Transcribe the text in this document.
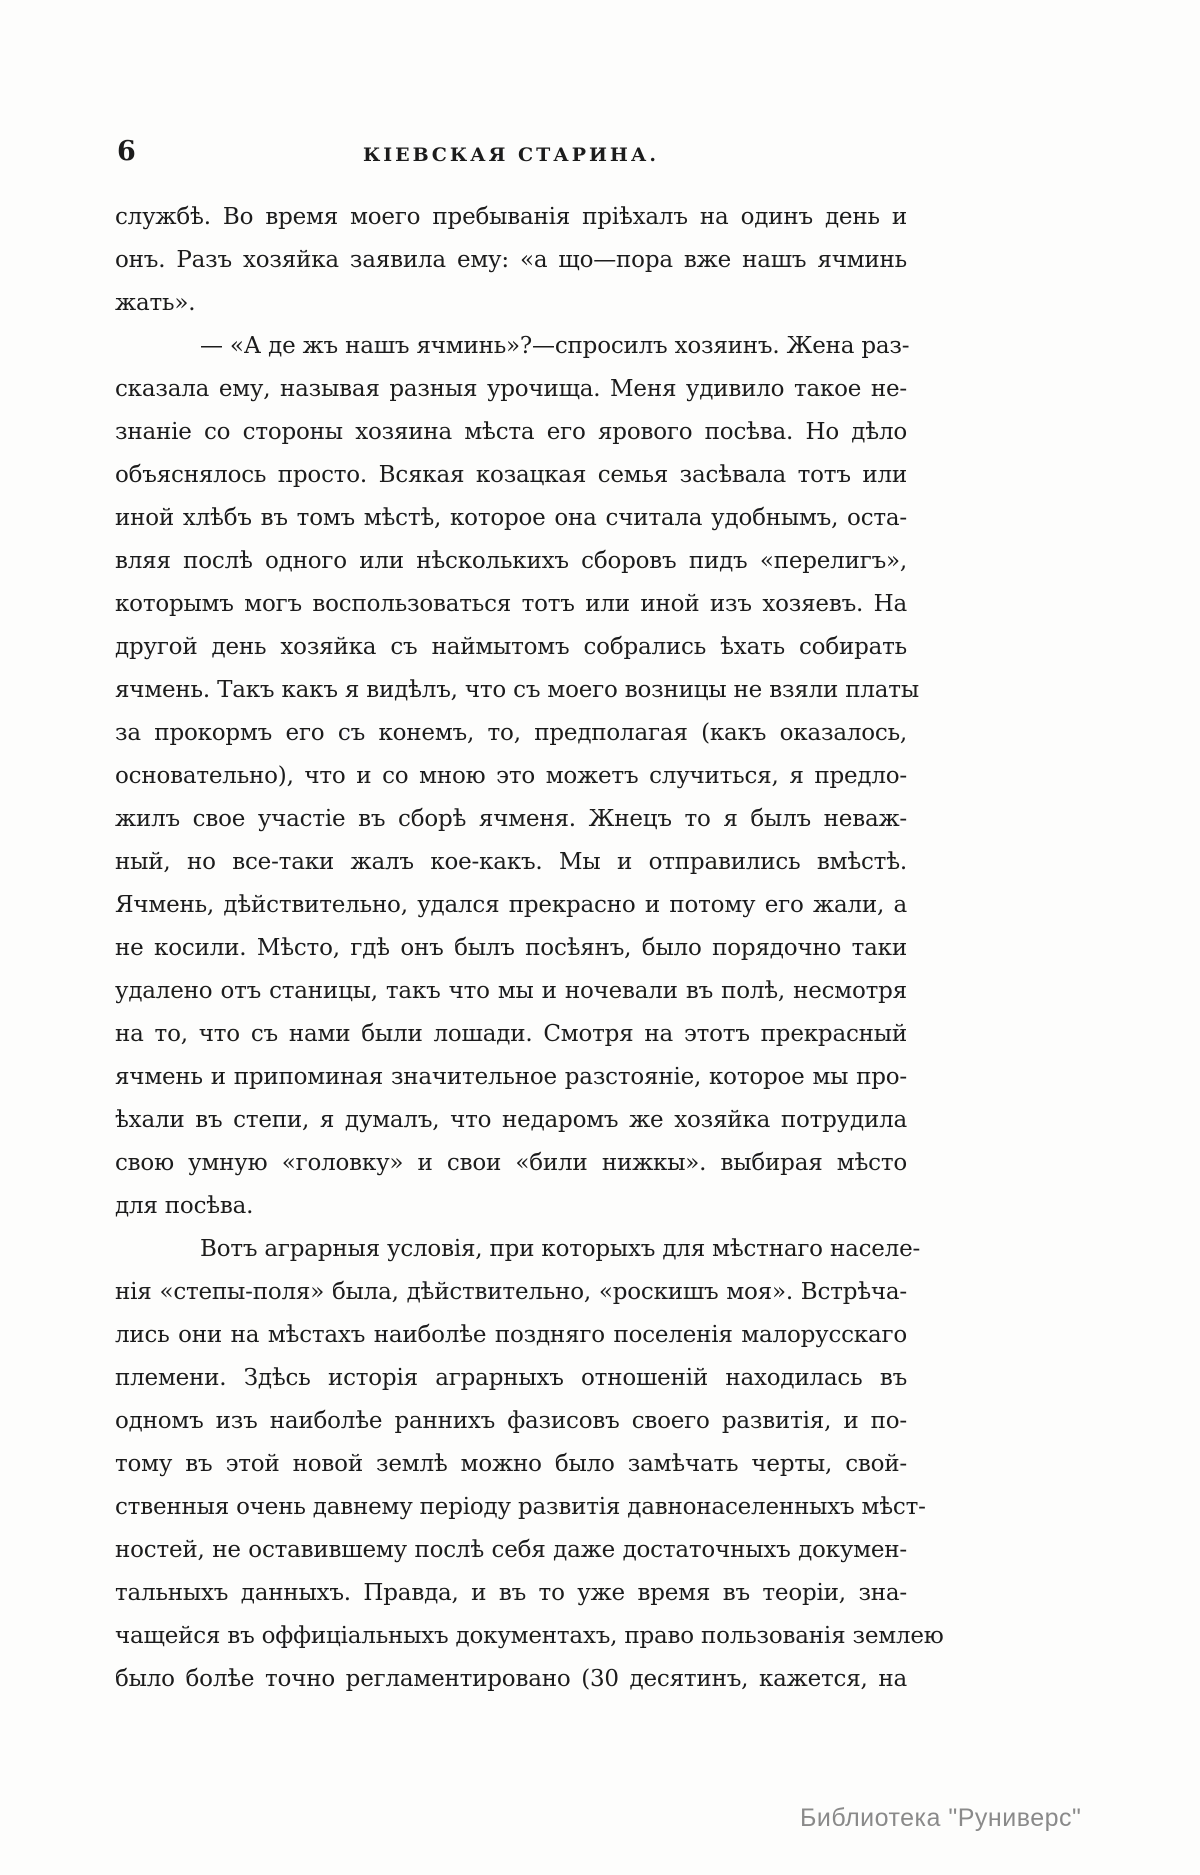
6	КІЕВСКАЯ СТАРИНА.
службѣ. Во время моего пребыванія пріѣхалъ на одинъ день и
онъ. Разъ хозяйка заявила ему: «а що—пора вже нашъ ячминь
жать».
— «А де жъ нашъ ячминь»?—спросилъ хозяинъ. Жена раз-
сказала ему, называя разныя урочища. Меня удивило такое не-
знаніе со стороны хозяина мѣста его ярового посѣва. Но дѣло
объяснялось просто. Всякая козацкая семья засѣвала тотъ или
иной хлѣбъ въ томъ мѣстѣ, которое она считала удобнымъ, оста-
вляя послѣ одного или нѣсколькихъ сборовъ пидъ «перелигъ»,
которымъ могъ воспользоваться тотъ или иной изъ хозяевъ. На
другой день хозяйка съ наймытомъ собрались ѣхать собирать
ячмень. Такъ какъ я видѣлъ, что съ моего возницы не взяли платы
за прокормъ его съ конемъ, то, предполагая (какъ оказалось,
основательно), что и со мною это можетъ случиться, я предло-
жилъ свое участіе въ сборѣ ячменя. Жнецъ то я былъ неваж-
ный, но все-таки жалъ кое-какъ. Мы и отправились вмѣстѣ.
Ячмень, дѣйствительно, удался прекрасно и потому его жали, а
не косили. Мѣсто, гдѣ онъ былъ посѣянъ, было порядочно таки
удалено отъ станицы, такъ что мы и ночевали въ полѣ, несмотря
на то, что съ нами были лошади. Смотря на этотъ прекрасный
ячмень и припоминая значительное разстояніе, которое мы про-
ѣхали въ степи, я думалъ, что недаромъ же хозяйка потрудила
свою умную «головку» и свои «били нижкы». выбирая мѣсто
для посѣва.
Вотъ аграрныя условія, при которыхъ для мѣстнаго населе-
нія «степы-поля» была, дѣйствительно, «роскишъ моя». Встрѣча-
лись они на мѣстахъ наиболѣе поздняго поселенія малорусскаго
племени. Здѣсь исторія аграрныхъ отношеній находилась въ
одномъ изъ наиболѣе раннихъ фазисовъ своего развитія, и по-
тому въ этой новой землѣ можно было замѣчать черты, свой-
ственныя очень давнему періоду развитія давнонаселенныхъ мѣст-
ностей, не оставившему послѣ себя даже достаточныхъ докумен-
тальныхъ данныхъ. Правда, и въ то уже время въ теоріи, зна-
чащейся въ оффиціальныхъ документахъ, право пользованія землею
было болѣе точно регламентировано (30 десятинъ, кажется, на
Библиотека "Руниверс"
